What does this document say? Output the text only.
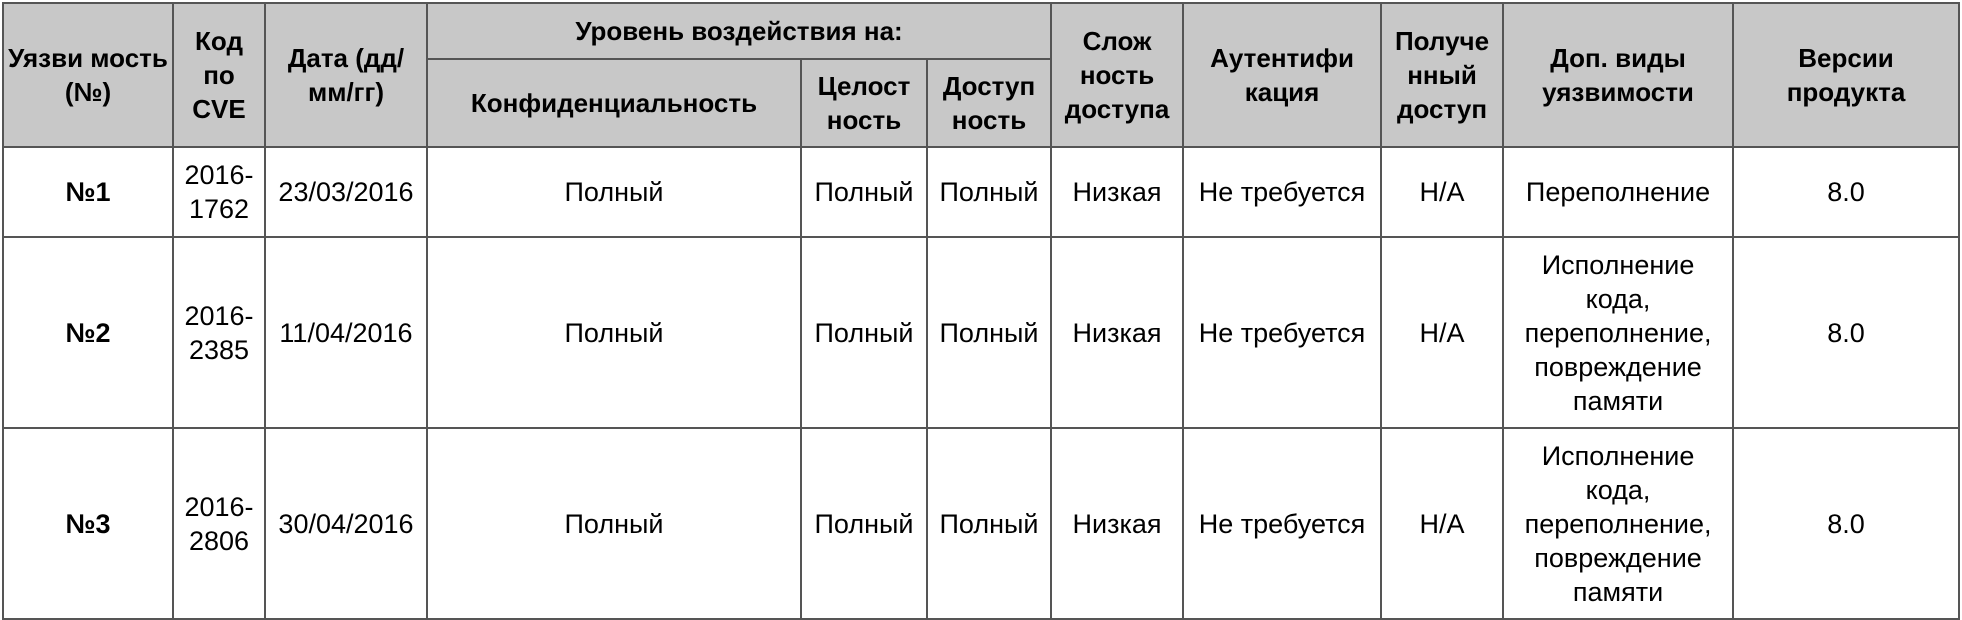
Уязви мость (№)	Код по CVE	Дата (дд/ мм/гг)	Уровень воздействия на:			Слож ность доступа	Аутентифи кация	Получе нный доступ	Доп. виды уязвимости	Версии продукта
			Конфиденциальность	Целост ность	Доступ ность					
№1	2016-1762	23/03/2016	Полный	Полный	Полный	Низкая	Не требуется	Н/А	Переполнение	8.0
№2	2016-2385	11/04/2016	Полный	Полный	Полный	Низкая	Не требуется	Н/А	Исполнение кода, переполнение, повреждение памяти	8.0
№3	2016-2806	30/04/2016	Полный	Полный	Полный	Низкая	Не требуется	Н/А	Исполнение кода, переполнение, повреждение памяти	8.0
